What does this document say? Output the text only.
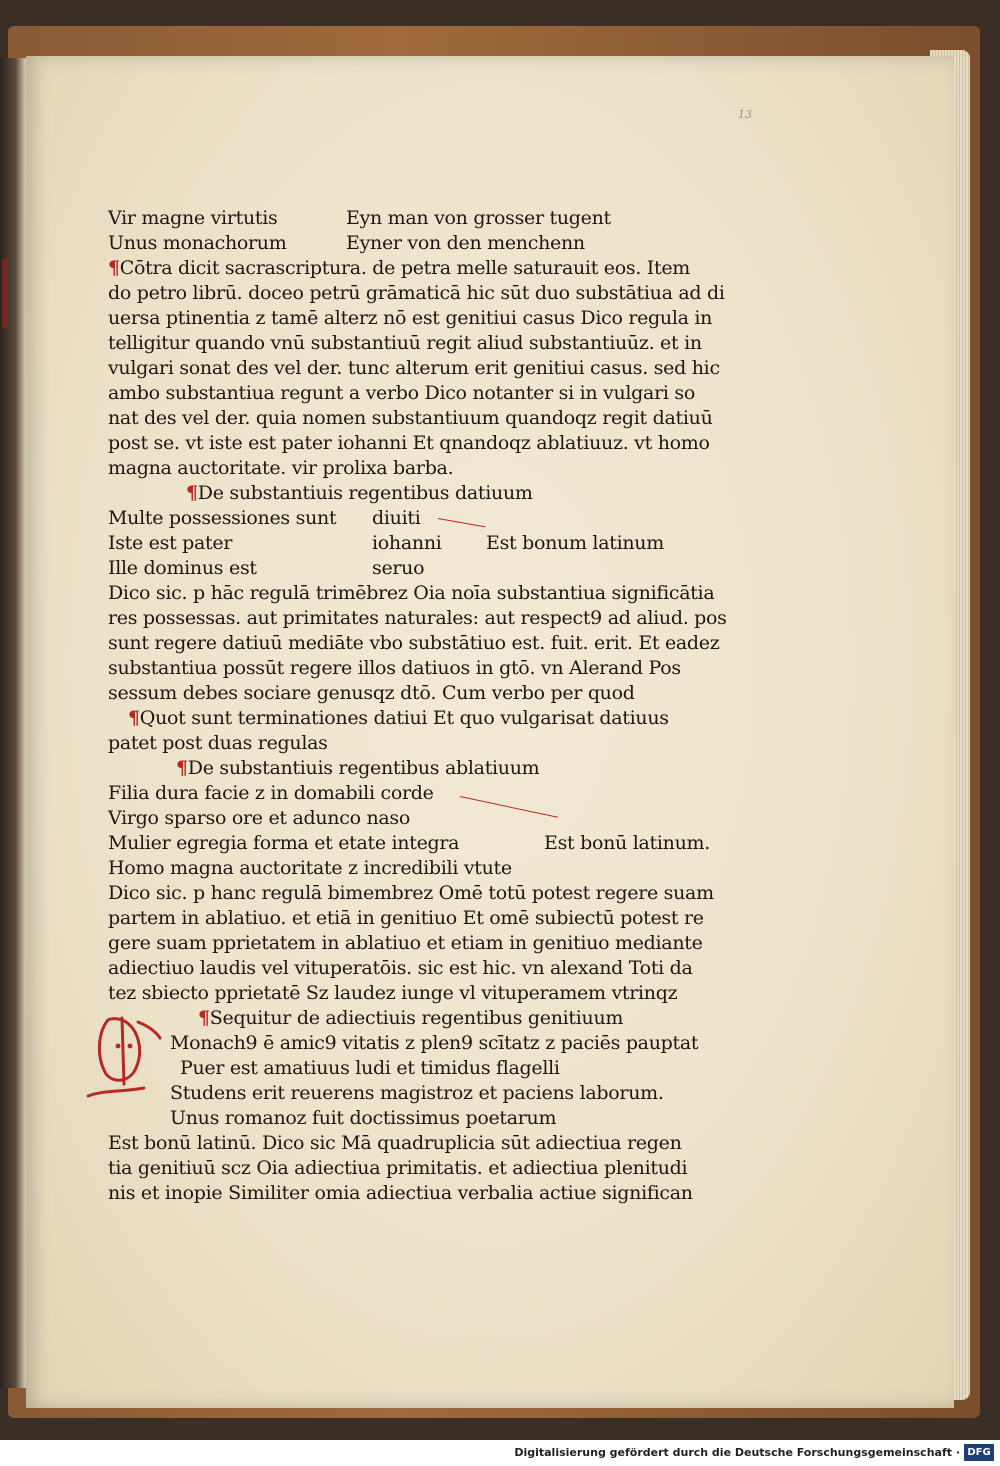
13
Vir magne virtutis	Eyn man von grosser tugent
Unus monachorum	Eyner von den menchenn
¶Cōtra dicit sacrascriptura. de petra melle saturauit eos. Item
do petro librū. doceo petrū grāmaticā hic sūt duo substātiua ad di
uersa ptinentia z tamē alterz nō est genitiui casus Dico regula in
telligitur quando vnū substantiuū regit aliud substantiuūz. et in
vulgari sonat des vel der. tunc alterum erit genitiui casus. sed hic
ambo substantiua regunt a verbo Dico notanter si in vulgari so
nat des vel der. quia nomen substantiuum quandoqz regit datiuū
post se. vt iste est pater iohanni Et qnandoqz ablatiuuz. vt homo
magna auctoritate. vir prolixa barba.
¶De substantiuis regentibus datiuum
Multe possessiones sunt diuiti
Iste est pater	iohanni Est bonum latinum
Ille dominus est	seruo
Dico sic. p hāc regulā trimēbrez Oia noīa substantiua significātia
res possessas. aut primitates naturales: aut respect9 ad aliud. pos
sunt regere datiuū mediāte vbo substātiuo est. fuit. erit. Et eadez
substantiua possūt regere illos datiuos in gtō. vn Alerand Pos
sessum debes sociare genusqz dtō. Cum verbo per quod
¶Quot sunt terminationes datiui Et quo vulgarisat datiuus
patet post duas regulas
¶De substantiuis regentibus ablatiuum
Filia dura facie z in domabili corde
Virgo sparso ore et adunco naso
Mulier egregia forma et etate integra	Est bonū latinum.
Homo magna auctoritate z incredibili vtute
Dico sic. p hanc regulā bimembrez Omē totū potest regere suam
partem in ablatiuo. et etiā in genitiuo Et omē subiectū potest re
gere suam pprietatem in ablatiuo et etiam in genitiuo mediante
adiectiuo laudis vel vituperatōis. sic est hic. vn alexand Toti da
tez sbiecto pprietatē Sz laudez iunge vl vituperamem vtrinqz
¶Sequitur de adiectiuis regentibus genitiuum
Monach9 ē amic9 vitatis z plen9 scītatz z paciēs pauptat
Puer est amatiuus ludi et timidus flagelli
Studens erit reuerens magistroz et paciens laborum.
Unus romanoz fuit doctissimus poetarum
Est bonū latinū. Dico sic Mā quadruplicia sūt adiectiua regen
tia genitiuū scz Oia adiectiua primitatis. et adiectiua plenitudi
nis et inopie Similiter omia adiectiua verbalia actiue significan
Digitalisierung gefördert durch die Deutsche Forschungsgemeinschaft · DFG
